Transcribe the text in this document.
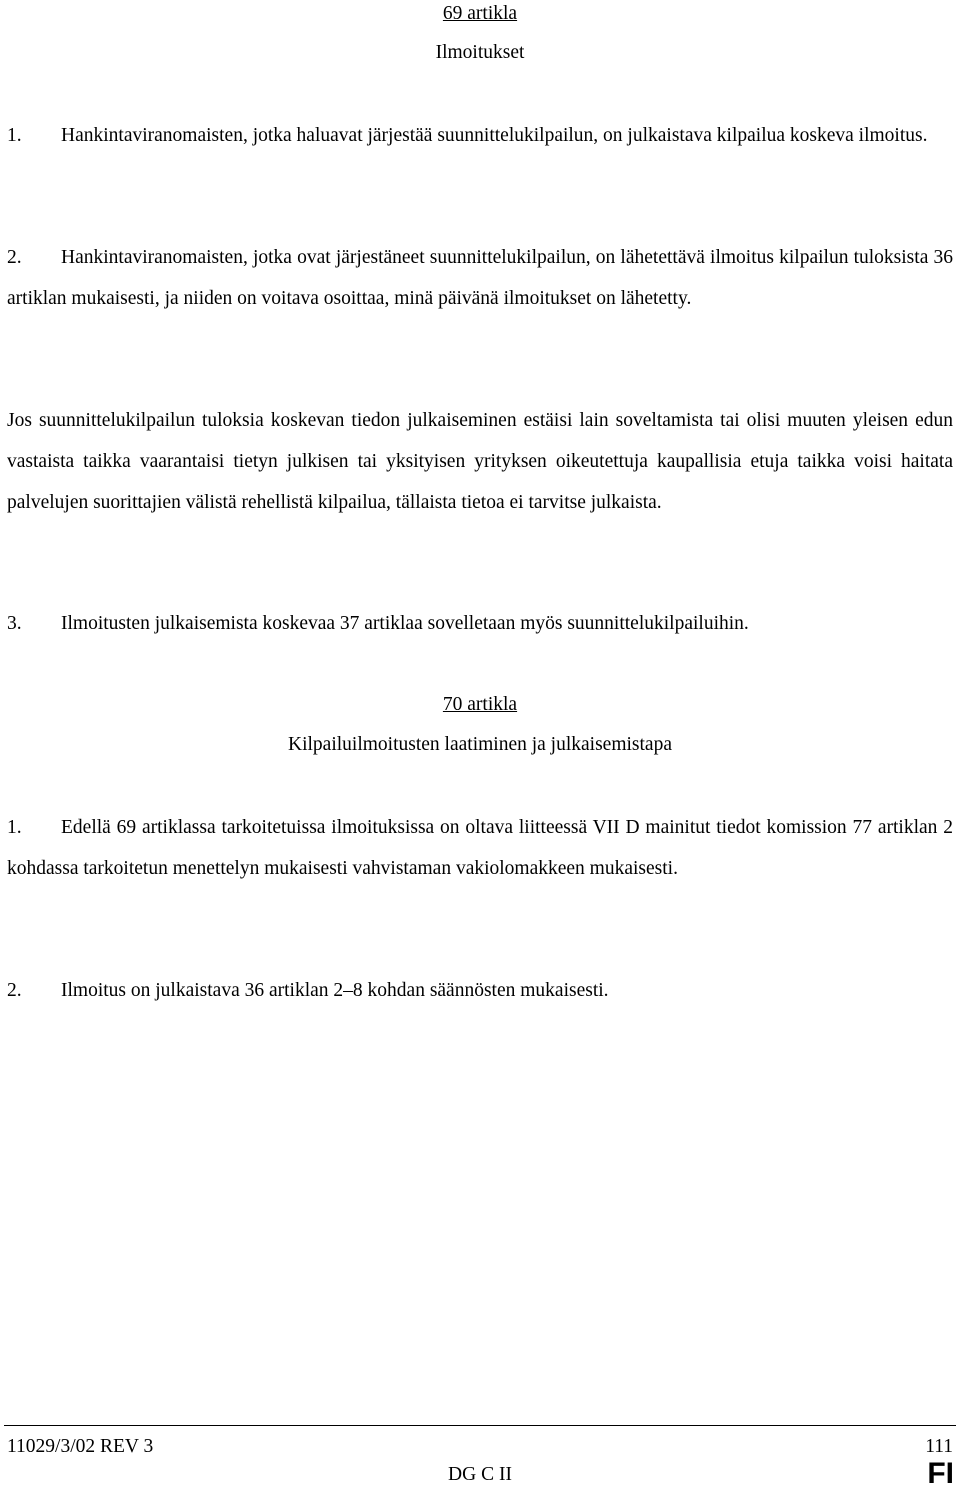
69 artikla
Ilmoitukset
1. Hankintaviranomaisten, jotka haluavat järjestää suunnittelukilpailun, on julkaistava kilpailua koskeva ilmoitus.
2. Hankintaviranomaisten, jotka ovat järjestäneet suunnittelukilpailun, on lähetettävä ilmoitus kilpailun tuloksista 36 artiklan mukaisesti, ja niiden on voitava osoittaa, minä päivänä ilmoitukset on lähetetty.
Jos suunnittelukilpailun tuloksia koskevan tiedon julkaiseminen estäisi lain soveltamista tai olisi muuten yleisen edun vastaista taikka vaarantaisi tietyn julkisen tai yksityisen yrityksen oikeutettuja kaupallisia etuja taikka voisi haitata palvelujen suorittajien välistä rehellistä kilpailua, tällaista tietoa ei tarvitse julkaista.
3. Ilmoitusten julkaisemista koskevaa 37 artiklaa sovelletaan myös suunnittelukilpailuihin.
70 artikla
Kilpailuilmoitusten laatiminen ja julkaisemistapa
1. Edellä 69 artiklassa tarkoitetuissa ilmoituksissa on oltava liitteessä VII D mainitut tiedot komission 77 artiklan 2 kohdassa tarkoitetun menettelyn mukaisesti vahvistaman vakiolomakkeen mukaisesti.
2. Ilmoitus on julkaistava 36 artiklan 2–8 kohdan säännösten mukaisesti.
11029/3/02 REV 3	111
DG C II	FI
